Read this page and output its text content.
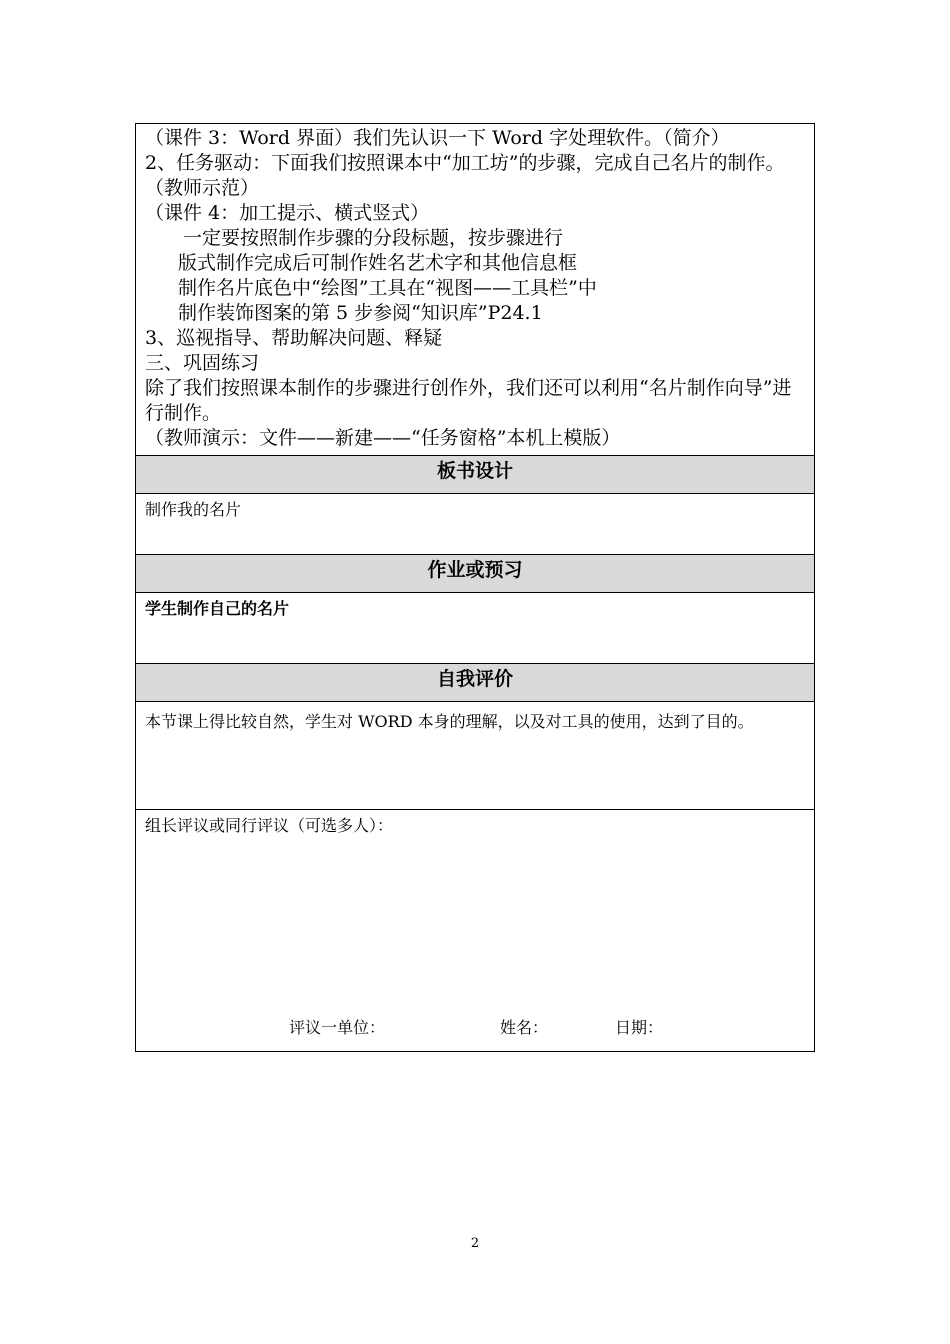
（课件 3：Word 界面）我们先认识一下 Word 字处理软件。（简介）
2、任务驱动：下面我们按照课本中“加工坊”的步骤，完成自己名片的制作。
（教师示范）
（课件 4：加工提示、横式竖式）
一定要按照制作步骤的分段标题，按步骤进行
版式制作完成后可制作姓名艺术字和其他信息框
制作名片底色中“绘图”工具在“视图——工具栏”中
制作装饰图案的第 5 步参阅“知识库”P24.1
3、巡视指导、帮助解决问题、释疑
三、巩固练习
除了我们按照课本制作的步骤进行创作外，我们还可以利用“名片制作向导”进行制作。
（教师演示：文件——新建——“任务窗格”本机上模版）
板书设计
制作我的名片
作业或预习
学生制作自己的名片
自我评价
本节课上得比较自然，学生对 WORD 本身的理解，以及对工具的使用，达到了目的。
组长评议或同行评议（可选多人）：
评议一单位：	姓名：	日期：
2
